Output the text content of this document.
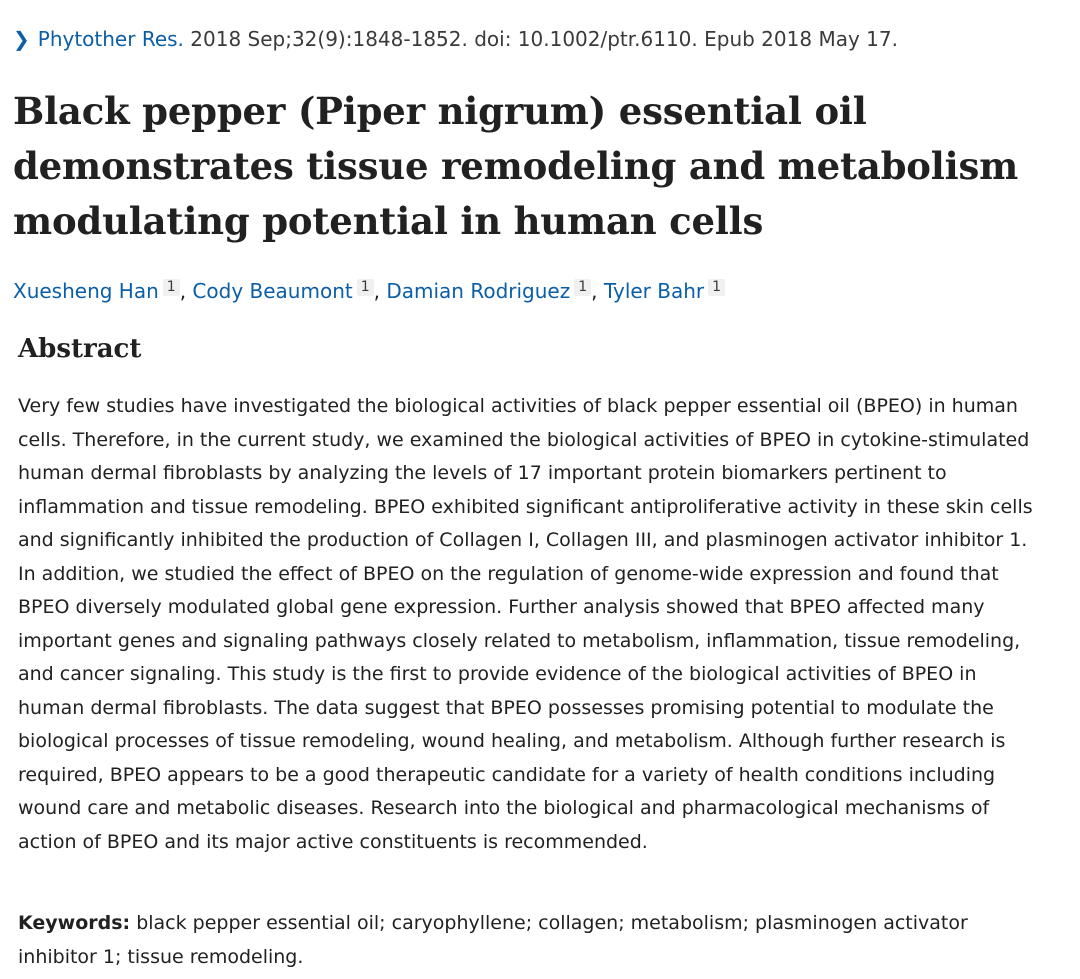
❯ Phytother Res. 2018 Sep;32(9):1848-1852. doi: 10.1002/ptr.6110. Epub 2018 May 17.
Black pepper (Piper nigrum) essential oil demonstrates tissue remodeling and metabolism modulating potential in human cells
Xuesheng Han 1 , Cody Beaumont 1 , Damian Rodriguez 1 , Tyler Bahr 1
Abstract

Very few studies have investigated the biological activities of black pepper essential oil (BPEO) in human cells. Therefore, in the current study, we examined the biological activities of BPEO in cytokine-stimulated human dermal fibroblasts by analyzing the levels of 17 important protein biomarkers pertinent to inflammation and tissue remodeling. BPEO exhibited significant antiproliferative activity in these skin cells and significantly inhibited the production of Collagen I, Collagen III, and plasminogen activator inhibitor 1. In addition, we studied the effect of BPEO on the regulation of genome-wide expression and found that BPEO diversely modulated global gene expression. Further analysis showed that BPEO affected many important genes and signaling pathways closely related to metabolism, inflammation, tissue remodeling, and cancer signaling. This study is the first to provide evidence of the biological activities of BPEO in human dermal fibroblasts. The data suggest that BPEO possesses promising potential to modulate the biological processes of tissue remodeling, wound healing, and metabolism. Although further research is required, BPEO appears to be a good therapeutic candidate for a variety of health conditions including wound care and metabolic diseases. Research into the biological and pharmacological mechanisms of action of BPEO and its major active constituents is recommended.

Keywords: black pepper essential oil; caryophyllene; collagen; metabolism; plasminogen activator inhibitor 1; tissue remodeling.
